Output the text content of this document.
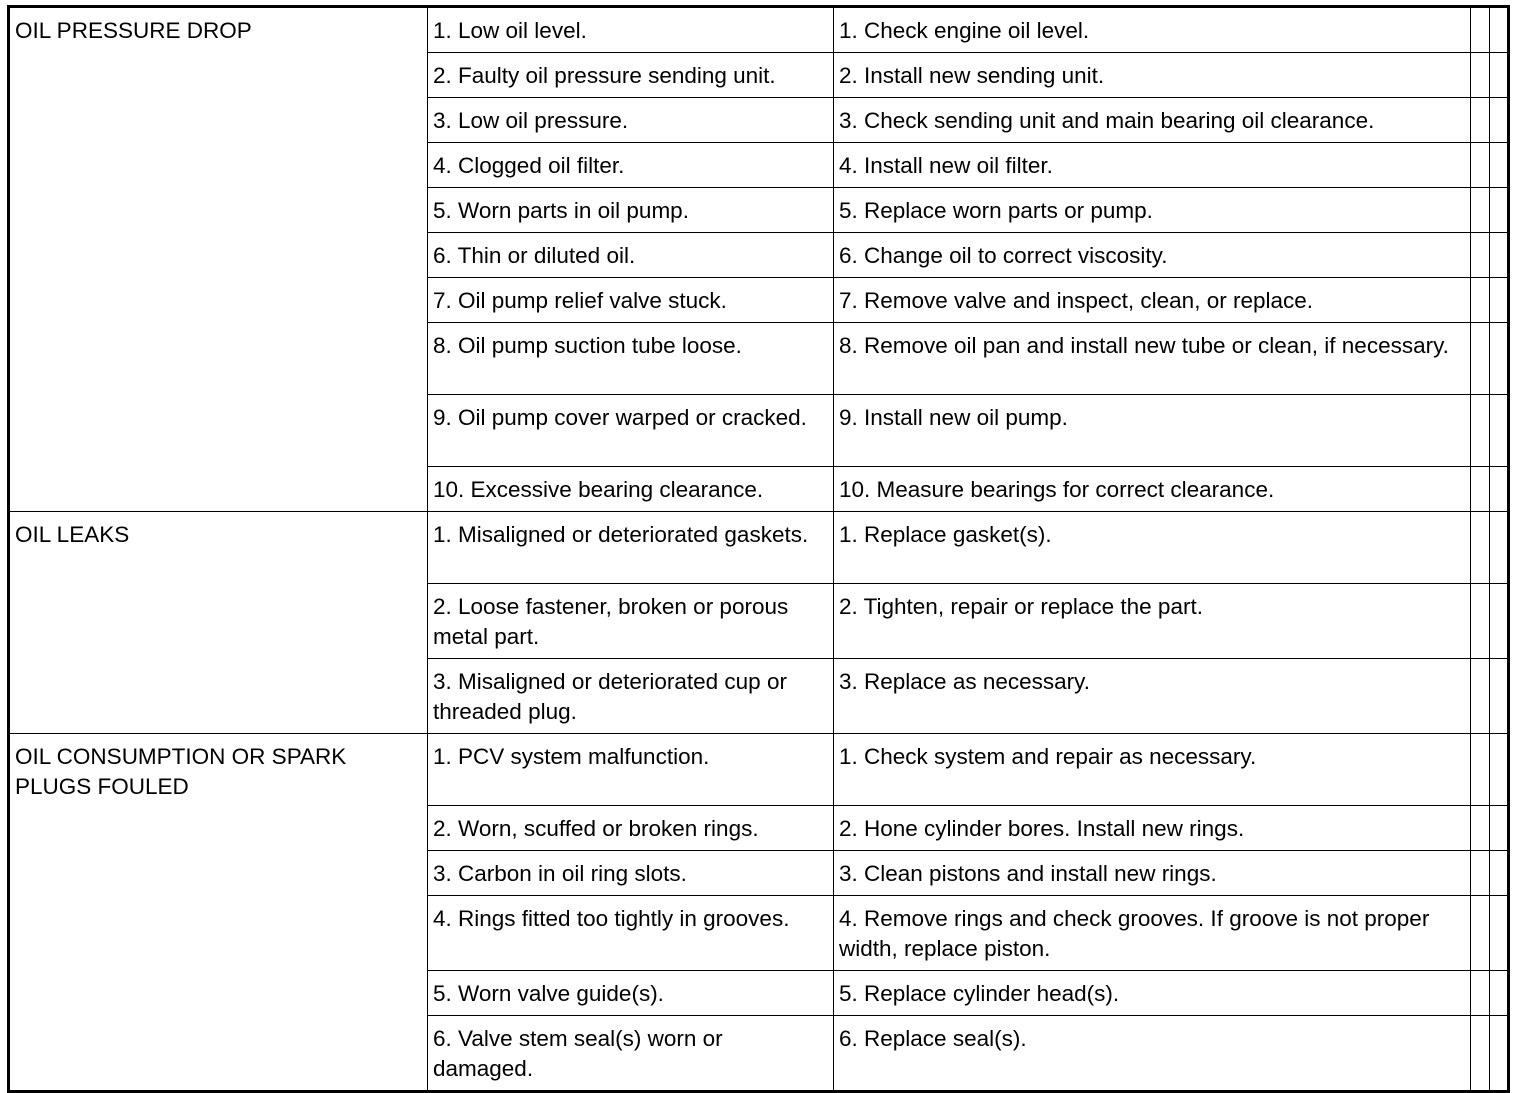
OIL PRESSURE DROP	1. Low oil level.	1. Check engine oil level.		
	2. Faulty oil pressure sending unit.	2. Install new sending unit.		
	3. Low oil pressure.	3. Check sending unit and main bearing oil clearance.		
	4. Clogged oil filter.	4. Install new oil filter.		
	5. Worn parts in oil pump.	5. Replace worn parts or pump.		
	6. Thin or diluted oil.	6. Change oil to correct viscosity.		
	7. Oil pump relief valve stuck.	7. Remove valve and inspect, clean, or replace.		
	8. Oil pump suction tube loose.	8. Remove oil pan and install new tube or clean, if necessary.		
	9. Oil pump cover warped or cracked.	9. Install new oil pump.		
	10. Excessive bearing clearance.	10. Measure bearings for correct clearance.		
OIL LEAKS	1. Misaligned or deteriorated gaskets.	1. Replace gasket(s).		
	2. Loose fastener, broken or porous metal part.	2. Tighten, repair or replace the part.		
	3. Misaligned or deteriorated cup or threaded plug.	3. Replace as necessary.		
OIL CONSUMPTION OR SPARK PLUGS FOULED	1. PCV system malfunction.	1. Check system and repair as necessary.		
	2. Worn, scuffed or broken rings.	2. Hone cylinder bores. Install new rings.		
	3. Carbon in oil ring slots.	3. Clean pistons and install new rings.		
	4. Rings fitted too tightly in grooves.	4. Remove rings and check grooves. If groove is not proper width, replace piston.		
	5. Worn valve guide(s).	5. Replace cylinder head(s).		
	6. Valve stem seal(s) worn or damaged.	6. Replace seal(s).		
